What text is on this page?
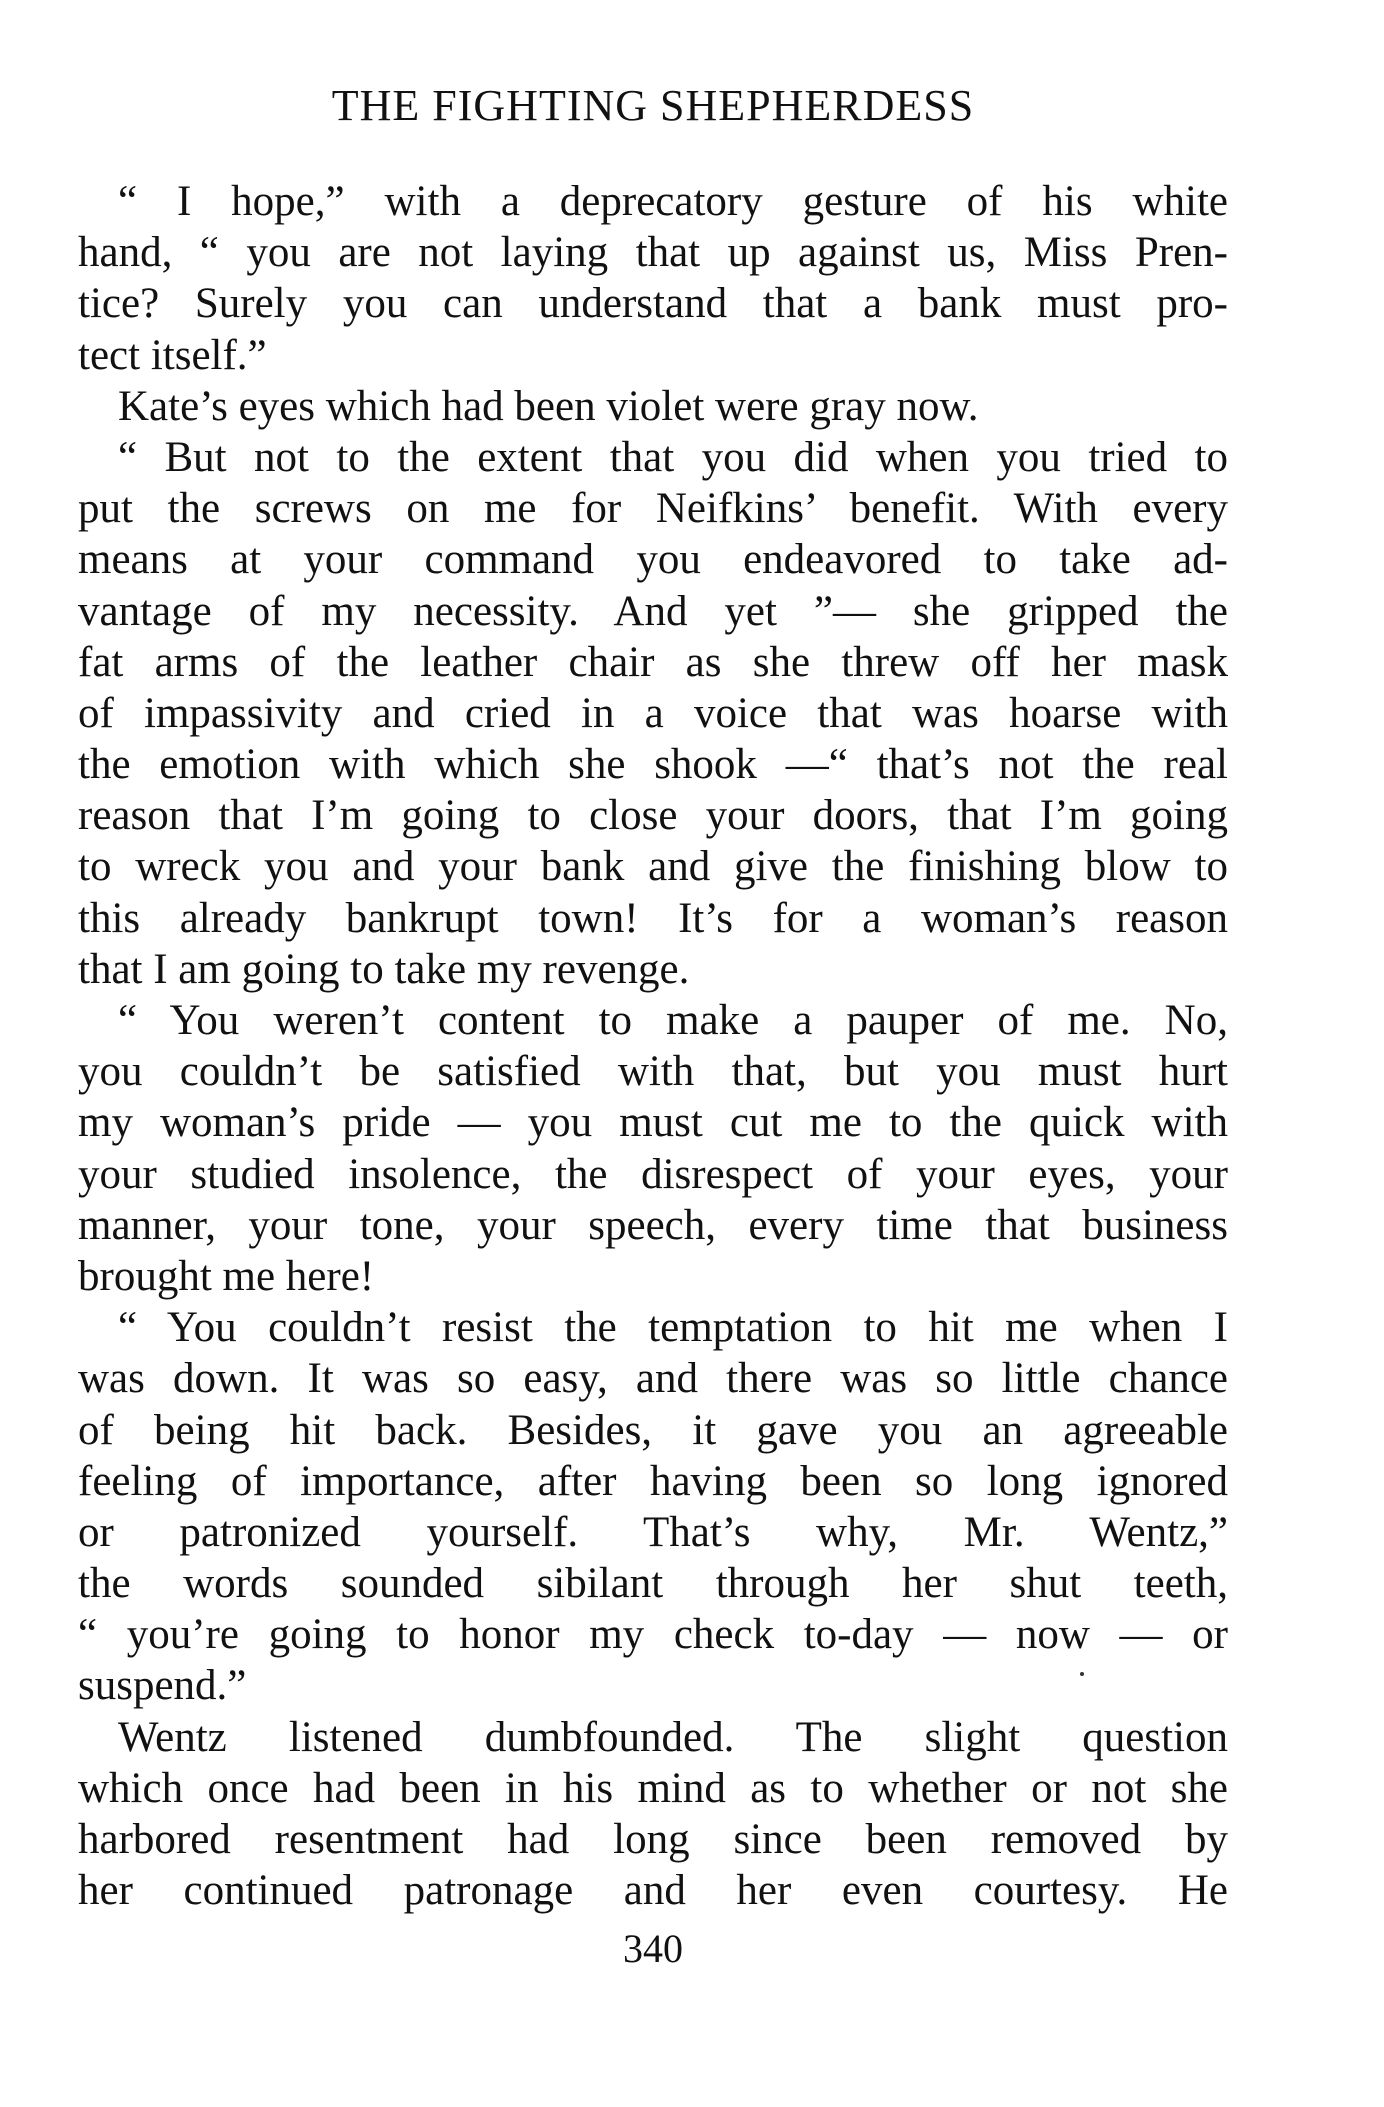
THE FIGHTING SHEPHERDESS
“ I hope,” with a deprecatory gesture of his white
hand, “ you are not laying that up against us, Miss Pren-
tice? Surely you can understand that a bank must pro-
tect itself.”
Kate’s eyes which had been violet were gray now.
“ But not to the extent that you did when you tried to
put the screws on me for Neifkins’ benefit. With every
means at your command you endeavored to take ad-
vantage of my necessity. And yet ”— she gripped the
fat arms of the leather chair as she threw off her mask
of impassivity and cried in a voice that was hoarse with
the emotion with which she shook —“ that’s not the real
reason that I’m going to close your doors, that I’m going
to wreck you and your bank and give the finishing blow to
this already bankrupt town! It’s for a woman’s reason
that I am going to take my revenge.
“ You weren’t content to make a pauper of me. No,
you couldn’t be satisfied with that, but you must hurt
my woman’s pride — you must cut me to the quick with
your studied insolence, the disrespect of your eyes, your
manner, your tone, your speech, every time that business
brought me here!
“ You couldn’t resist the temptation to hit me when I
was down. It was so easy, and there was so little chance
of being hit back. Besides, it gave you an agreeable
feeling of importance, after having been so long ignored
or patronized yourself. That’s why, Mr. Wentz,”
the words sounded sibilant through her shut teeth,
“ you’re going to honor my check to-day — now — or
suspend.”
Wentz listened dumbfounded. The slight question
which once had been in his mind as to whether or not she
harbored resentment had long since been removed by
her continued patronage and her even courtesy. He
340
